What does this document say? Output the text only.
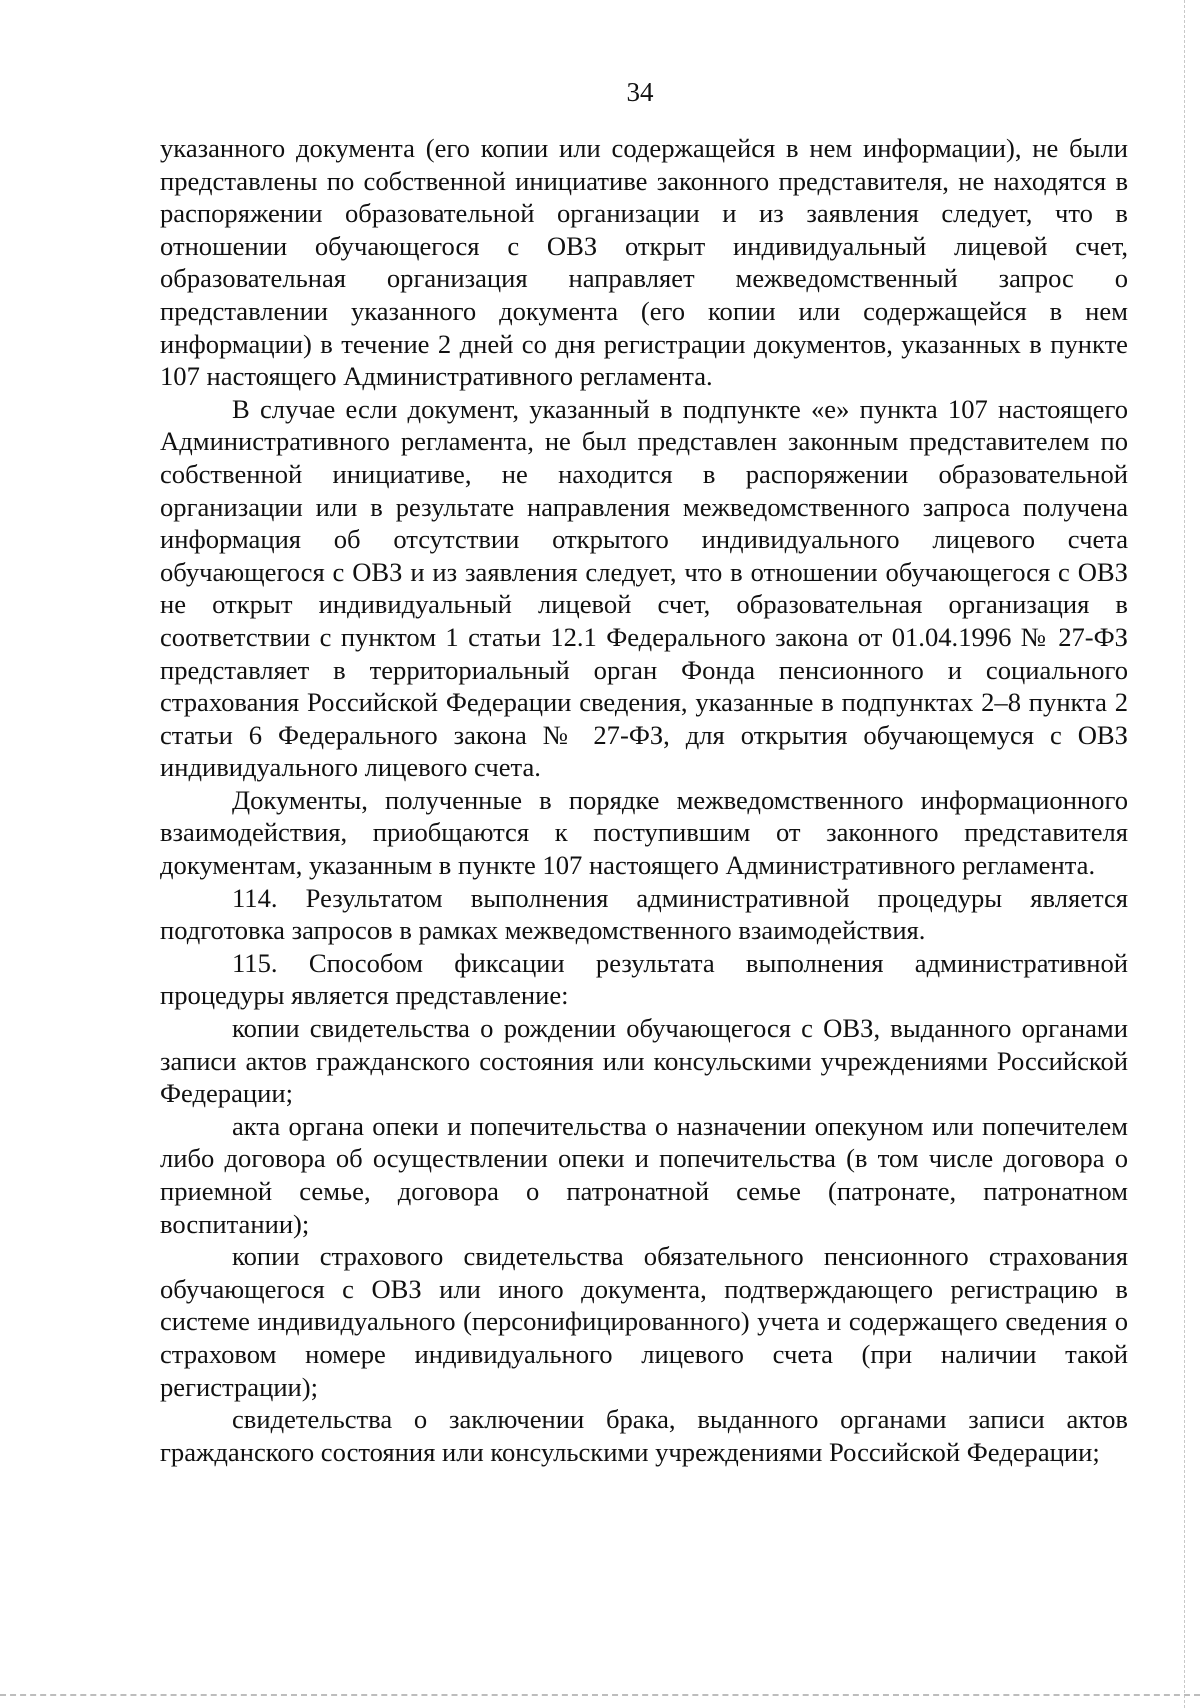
34

указанного документа (его копии или содержащейся в нем информации), не были представлены по собственной инициативе законного представителя, не находятся в распоряжении образовательной организации и из заявления следует, что в отношении обучающегося с ОВЗ открыт индивидуальный лицевой счет, образовательная организация направляет межведомственный запрос о представлении указанного документа (его копии или содержащейся в нем информации) в течение 2 дней со дня регистрации документов, указанных в пункте 107 настоящего Административного регламента.

В случае если документ, указанный в подпункте «е» пункта 107 настоящего Административного регламента, не был представлен законным представителем по собственной инициативе, не находится в распоряжении образовательной организации или в результате направления межведомственного запроса получена информация об отсутствии открытого индивидуального лицевого счета обучающегося с ОВЗ и из заявления следует, что в отношении обучающегося с ОВЗ не открыт индивидуальный лицевой счет, образовательная организация в соответствии с пунктом 1 статьи 12.1 Федерального закона от 01.04.1996 № 27-ФЗ представляет в территориальный орган Фонда пенсионного и социального страхования Российской Федерации сведения, указанные в подпунктах 2–8 пункта 2 статьи 6 Федерального закона № 27-ФЗ, для открытия обучающемуся с ОВЗ индивидуального лицевого счета.

Документы, полученные в порядке межведомственного информационного взаимодействия, приобщаются к поступившим от законного представителя документам, указанным в пункте 107 настоящего Административного регламента.

114. Результатом выполнения административной процедуры является подготовка запросов в рамках межведомственного взаимодействия.

115. Способом фиксации результата выполнения административной процедуры является представление:

копии свидетельства о рождении обучающегося с ОВЗ, выданного органами записи актов гражданского состояния или консульскими учреждениями Российской Федерации;

акта органа опеки и попечительства о назначении опекуном или попечителем либо договора об осуществлении опеки и попечительства (в том числе договора о приемной семье, договора о патронатной семье (патронате, патронатном воспитании);

копии страхового свидетельства обязательного пенсионного страхования обучающегося с ОВЗ или иного документа, подтверждающего регистрацию в системе индивидуального (персонифицированного) учета и содержащего сведения о страховом номере индивидуального лицевого счета (при наличии такой регистрации);

свидетельства о заключении брака, выданного органами записи актов гражданского состояния или консульскими учреждениями Российской Федерации;
